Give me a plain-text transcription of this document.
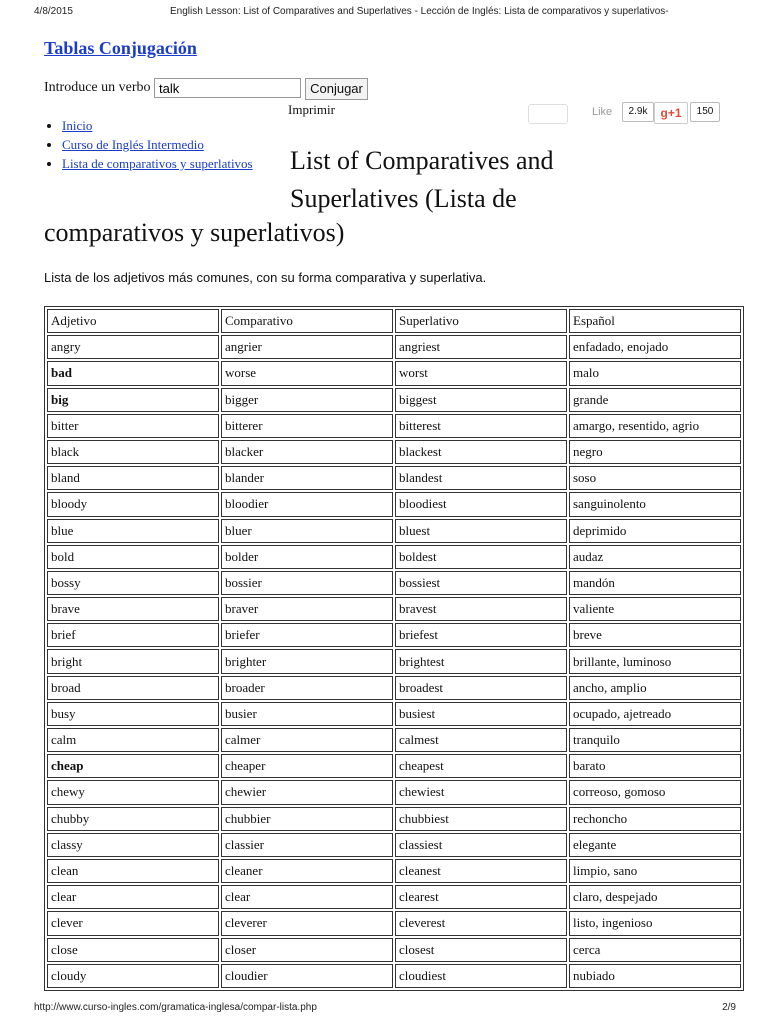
4/8/2015	English Lesson: List of Comparatives and Superlatives - Lección de Inglés: Lista de comparativos y superlativos-
Tablas Conjugación
Introduce un verbo
talk	Conjugar
Imprimir	Like	2.9k	g+1	150
• Inicio
• Curso de Inglés Intermedio
• Lista de comparativos y superlativos List of Comparatives and
Superlatives (Lista de
comparativos y superlativos)
Lista de los adjetivos más comunes, con su forma comparativa y superlativa.
Adjetivo	Comparativo	Superlativo	Español
angry	angrier	angriest	enfadado, enojado
bad	worse	worst	malo
big	bigger	biggest	grande
bitter	bitterer	bitterest	amargo, resentido, agrio
black	blacker	blackest	negro
bland	blander	blandest	soso
bloody	bloodier	bloodiest	sanguinolento
blue	bluer	bluest	deprimido
bold	bolder	boldest	audaz
bossy	bossier	bossiest	mandón
brave	braver	bravest	valiente
brief	briefer	briefest	breve
bright	brighter	brightest	brillante, luminoso
broad	broader	broadest	ancho, amplio
busy	busier	busiest	ocupado, ajetreado
calm	calmer	calmest	tranquilo
cheap	cheaper	cheapest	barato
chewy	chewier	chewiest	correoso, gomoso
chubby	chubbier	chubbiest	rechoncho
classy	classier	classiest	elegante
clean	cleaner	cleanest	limpio, sano
clear	clear	clearest	claro, despejado
clever	cleverer	cleverest	listo, ingenioso
close	closer	closest	cerca
cloudy	cloudier	cloudiest	nubiado
http://www.curso-ingles.com/gramatica-inglesa/compar-lista.php	2/9
